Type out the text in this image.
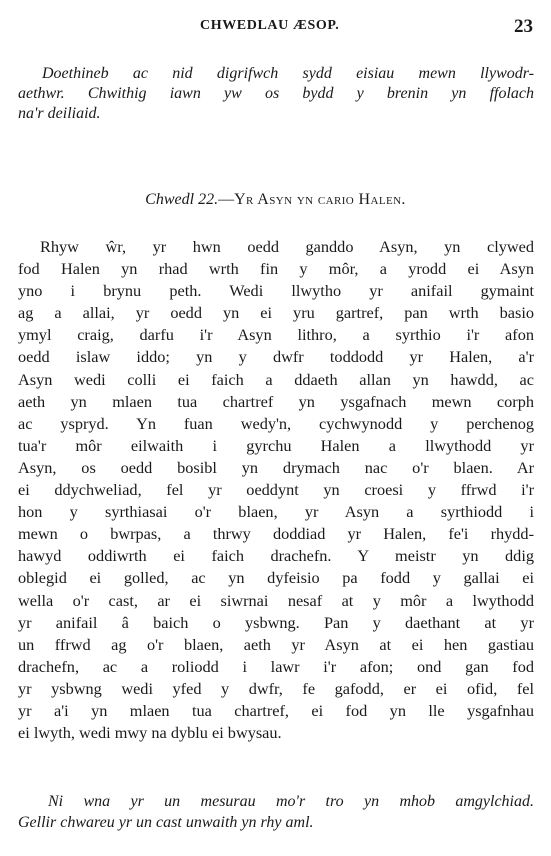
CHWEDLAU ÆSOP.	23
Doethineb ac nid digrifwch sydd eisiau mewn llywodr-
aethwr. Chwithig iawn yw os bydd y brenin yn ffolach
na'r deiliaid.
Chwedl 22.—Yr Asyn yn cario Halen.
Rhyw ŵr, yr hwn oedd ganddo Asyn, yn clywed
fod Halen yn rhad wrth fin y môr, a yrodd ei Asyn
yno i brynu peth. Wedi llwytho yr anifail gymaint
ag a allai, yr oedd yn ei yru gartref, pan wrth basio
ymyl craig, darfu i'r Asyn lithro, a syrthio i'r afon
oedd islaw iddo; yn y dwfr toddodd yr Halen, a'r
Asyn wedi colli ei faich a ddaeth allan yn hawdd, ac
aeth yn mlaen tua chartref yn ysgafnach mewn corph
ac yspryd. Yn fuan wedy'n, cychwynodd y perchenog
tua'r môr eilwaith i gyrchu Halen a llwythodd yr
Asyn, os oedd bosibl yn drymach nac o'r blaen. Ar
ei ddychweliad, fel yr oeddynt yn croesi y ffrwd i'r
hon y syrthiasai o'r blaen, yr Asyn a syrthiodd i
mewn o bwrpas, a thrwy doddiad yr Halen, fe'i rhydd-
hawyd oddiwrth ei faich drachefn. Y meistr yn ddig
oblegid ei golled, ac yn dyfeisio pa fodd y gallai ei
wella o'r cast, ar ei siwrnai nesaf at y môr a lwythodd
yr anifail â baich o ysbwng. Pan y daethant at yr
un ffrwd ag o'r blaen, aeth yr Asyn at ei hen gastiau
drachefn, ac a roliodd i lawr i'r afon; ond gan fod
yr ysbwng wedi yfed y dwfr, fe gafodd, er ei ofid, fel
yr a'i yn mlaen tua chartref, ei fod yn lle ysgafnhau
ei lwyth, wedi mwy na dyblu ei bwysau.
Ni wna yr un mesurau mo'r tro yn mhob amgylchiad.
Gellir chwareu yr un cast unwaith yn rhy aml.
